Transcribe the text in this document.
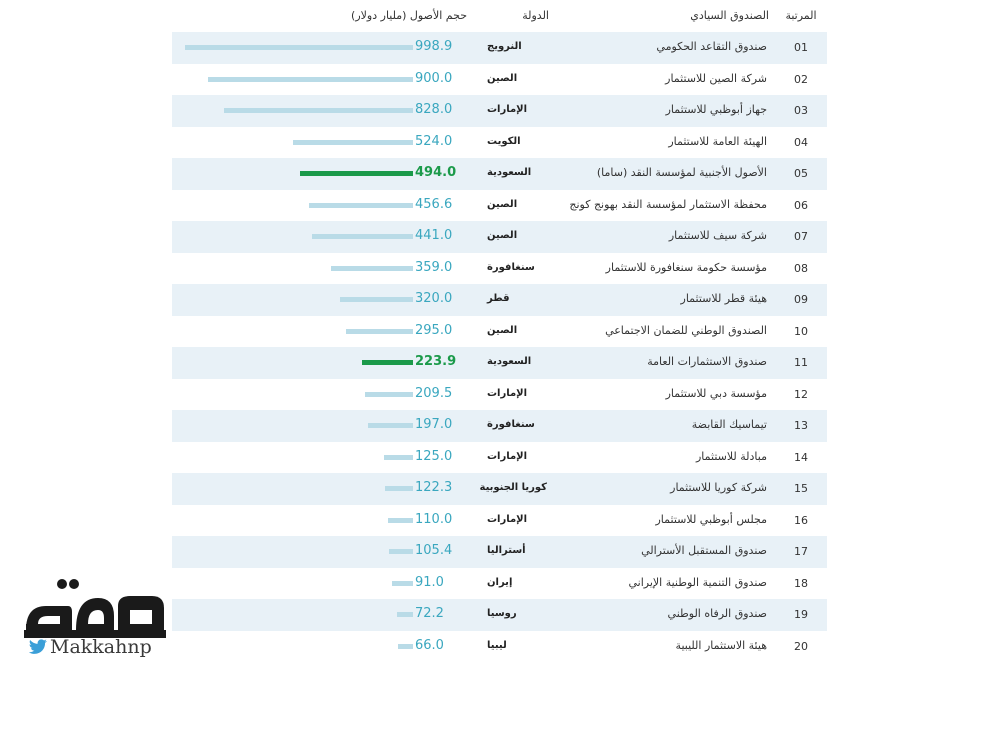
المرتبة
الصندوق السيادي
الدولة
حجم الأصول (مليار دولار)
01
صندوق التقاعد الحكومي
النرويج
998.9
02
شركة الصين للاستثمار
الصين
900.0
03
جهاز أبوظبي للاستثمار
الإمارات
828.0
04
الهيئة العامة للاستثمار
الكويت
524.0
05
الأصول الأجنبية لمؤسسة النقد (ساما)
السعودية
494.0
06
محفظة الاستثمار لمؤسسة النقد بهونج كونج
الصين
456.6
07
شركة سيف للاستثمار
الصين
441.0
08
مؤسسة حكومة سنغافورة للاستثمار
سنغافورة
359.0
09
هيئة قطر للاستثمار
قطر
320.0
10
الصندوق الوطني للضمان الاجتماعي
الصين
295.0
11
صندوق الاستثمارات العامة
السعودية
223.9
12
مؤسسة دبي للاستثمار
الإمارات
209.5
13
تيماسيك القابضة
سنغافورة
197.0
14
مبادلة للاستثمار
الإمارات
125.0
15
شركة كوريا للاستثمار
كوريا الجنوبية
122.3
16
مجلس أبوظبي للاستثمار
الإمارات
110.0
17
صندوق المستقبل الأسترالي
أستراليا
105.4
18
صندوق التنمية الوطنية الإيراني
إيران
91.0
19
صندوق الرفاه الوطني
روسيا
72.2
20
هيئة الاستثمار الليبية
ليبيا
66.0
Makkahnp
